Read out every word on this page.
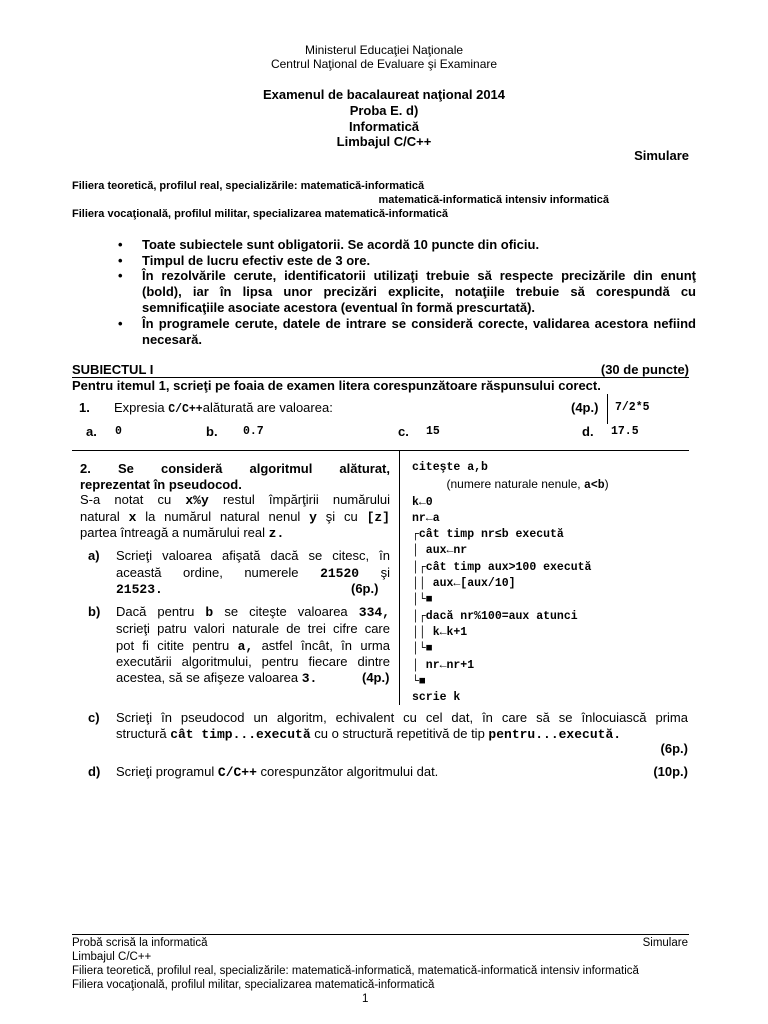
Ministerul Educaţiei Naţionale
Centrul Naţional de Evaluare şi Examinare
Examenul de bacalaureat naţional 2014
Proba E. d)
Informatică
Limbajul C/C++
Simulare
Filiera teoretică, profilul real, specializările: matematică-informatică
matematică-informatică intensiv informatică
Filiera vocaţională, profilul militar, specializarea matematică-informatică
•	Toate subiectele sunt obligatorii. Se acordă 10 puncte din oficiu.
•	Timpul de lucru efectiv este de 3 ore.
•	În rezolvările cerute, identificatorii utilizaţi trebuie să respecte precizările din enunţ (bold), iar în lipsa unor precizări explicite, notaţiile trebuie să corespundă cu semnificaţiile asociate acestora (eventual în formă prescurtată).
•	În programele cerute, datele de intrare se consideră corecte, validarea acestora nefiind necesară.
SUBIECTUL I	(30 de puncte)
Pentru itemul 1, scrieţi pe foaia de examen litera corespunzătoare răspunsului corect.
1. Expresia C/C++alăturată are valoarea:	(4p.) 7/2*5
a. 0	b. 0.7	c. 15	d. 17.5
2. Se consideră algoritmul alăturat,
reprezentat în pseudocod.
S-a notat cu x%y restul împărţirii numărului
natural x la numărul natural nenul y şi cu [z]
partea întreagă a numărului real z.
a) Scrieţi valoarea afişată dacă se citesc, în
această ordine, numerele 21520 şi
21523.	(6p.)
b) Dacă pentru b se citeşte valoarea 334,
scrieţi patru valori naturale de trei cifre care
pot fi citite pentru a, astfel încât, în urma
executării algoritmului, pentru fiecare dintre
acestea, să se afişeze valoarea 3.	(4p.)
citeşte a,b
(numere naturale nenule, a<b)
k←0
nr←a
┌cât timp nr≤b execută
│ aux←nr
│┌cât timp aux>100 execută
││ aux←[aux/10]
│└■
│┌dacă nr%100=aux atunci
││ k←k+1
│└■
│ nr←nr+1
└■
scrie k
c) Scrieţi în pseudocod un algoritm, echivalent cu cel dat, în care să se înlocuiască prima
structură cât timp...execută cu o structură repetitivă de tip pentru...execută.
(6p.)
d) Scrieţi programul C/C++ corespunzător algoritmului dat.	(10p.)
Probă scrisă la informatică	Simulare
Limbajul C/C++
Filiera teoretică, profilul real, specializările: matematică-informatică, matematică-informatică intensiv informatică
Filiera vocaţională, profilul militar, specializarea matematică-informatică
1
